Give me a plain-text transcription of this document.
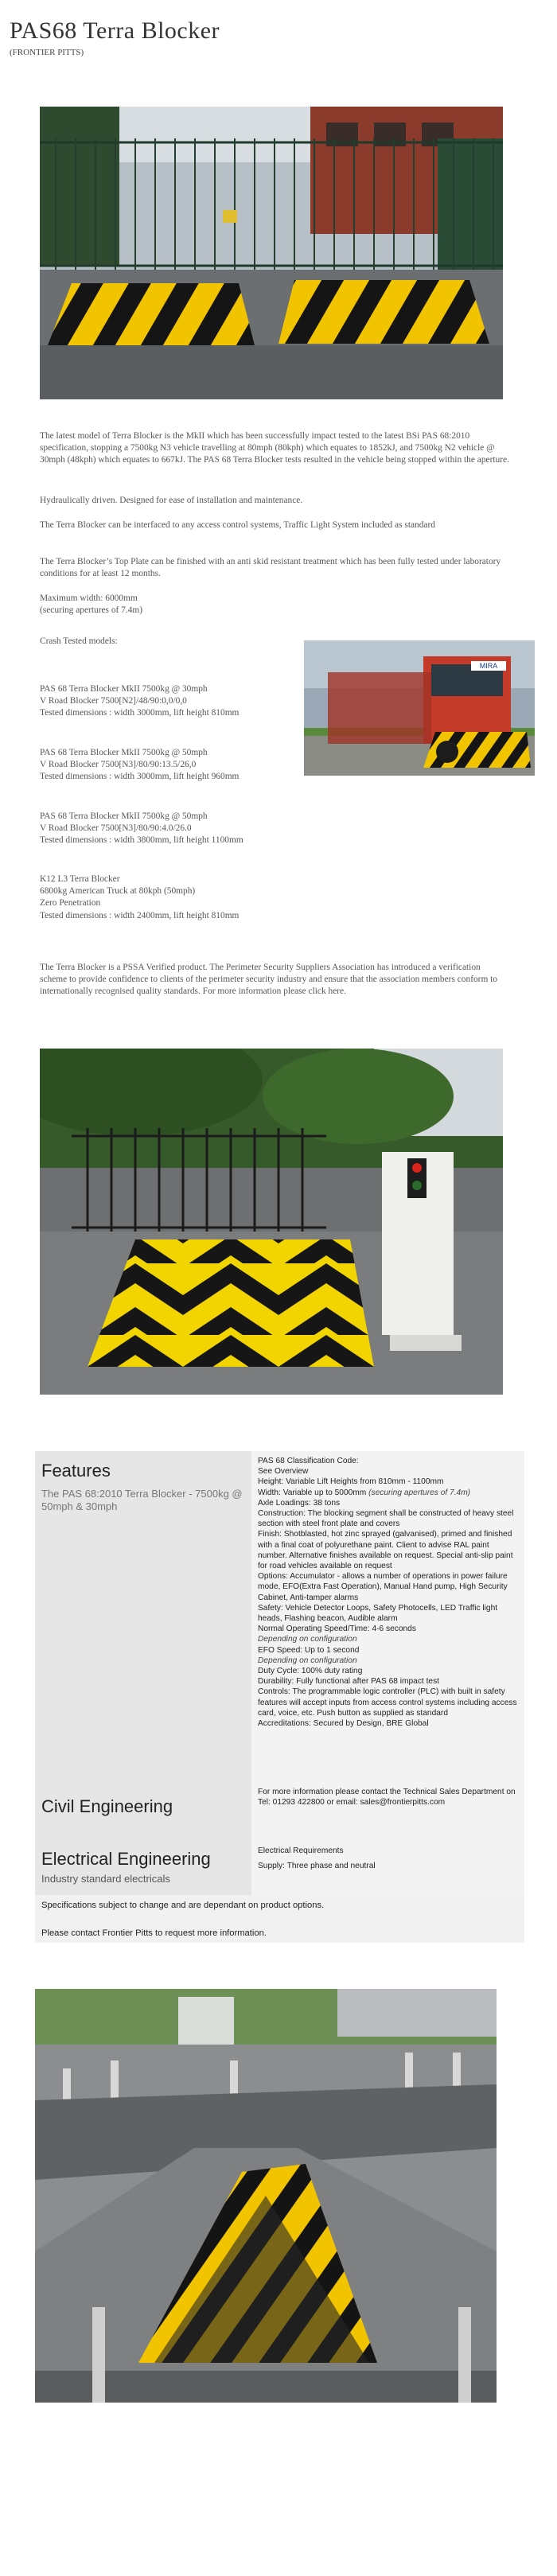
PAS68 Terra Blocker
(FRONTIER PITTS)

The latest model of Terra Blocker is the MkII which has been successfully impact tested to the latest BSi PAS 68:2010 specification, stopping a 7500kg N3 vehicle travelling at 80mph (80kph) which equates to 1852kJ, and 7500kg N2 vehicle @ 30mph (48kph) which equates to 667kJ. The PAS 68 Terra Blocker tests resulted in the vehicle being stopped within the aperture.

Hydraulically driven. Designed for ease of installation and maintenance.

The Terra Blocker can be interfaced to any access control systems, Traffic Light System included as standard

The Terra Blocker’s Top Plate can be finished with an anti skid resistant treatment which has been fully tested under laboratory conditions for at least 12 months.

Maximum width: 6000mm

(securing apertures of 7.4m)

Crash Tested models:

MIRA

PAS 68 Terra Blocker MkII 7500kg @ 30mph

V Road Blocker 7500[N2]/48/90:0,0/0,0

Tested dimensions : width 3000mm, lift height 810mm

PAS 68 Terra Blocker MkII 7500kg @ 50mph

V Road Blocker 7500[N3]/80/90:13.5/26,0

Tested dimensions : width 3000mm, lift height 960mm

PAS 68 Terra Blocker MkII 7500kg @ 50mph

V Road Blocker 7500[N3]/80/90:4.0/26.0

Tested dimensions : width 3800mm, lift height 1100mm

K12 L3 Terra Blocker

6800kg American Truck at 80kph (50mph)

Zero Penetration

Tested dimensions : width 2400mm, lift height 810mm

The Terra Blocker is a PSSA Verified product. The Perimeter Security Suppliers Association has introduced a verification scheme to provide confidence to clients of the perimeter security industry and ensure that the association members conform to internationally recognised quality standards. For more information please click here.

Features
The PAS 68:2010 Terra Blocker - 7500kg @ 50mph & 30mph
PAS 68 Classification Code:
See Overview
Height: Variable Lift Heights from 810mm - 1100mm
Width: Variable up to 5000mm (securing apertures of 7.4m)
Axle Loadings: 38 tons
Construction: The blocking segment shall be constructed of heavy steel section with steel front plate and covers
Finish: Shotblasted, hot zinc sprayed (galvanised), primed and finished with a final coat of polyurethane paint. Client to advise RAL paint number. Alternative finishes available on request. Special anti-slip paint for road vehicles available on request
Options: Accumulator - allows a number of operations in power failure mode, EFO(Extra Fast Operation), Manual Hand pump, High Security Cabinet, Anti-tamper alarms
Safety: Vehicle Detector Loops, Safety Photocells, LED Traffic light heads, Flashing beacon, Audible alarm
Normal Operating Speed/Time: 4-6 seconds
Depending on configuration
EFO Speed: Up to 1 second
Depending on configuration
Duty Cycle: 100% duty rating
Durability: Fully functional after PAS 68 impact test
Controls: The programmable logic controller (PLC) with built in safety features will accept inputs from access control systems including access card, voice, etc. Push button as supplied as standard
Accreditations: Secured by Design, BRE Global
Civil Engineering
For more information please contact the Technical Sales Department on
Tel: 01293 422800 or email: sales@frontierpitts.com
Electrical Engineering
Industry standard electricals
Electrical Requirements
Supply: Three phase and neutral
Specifications subject to change and are dependant on product options.
Please contact Frontier Pitts to request more information.
